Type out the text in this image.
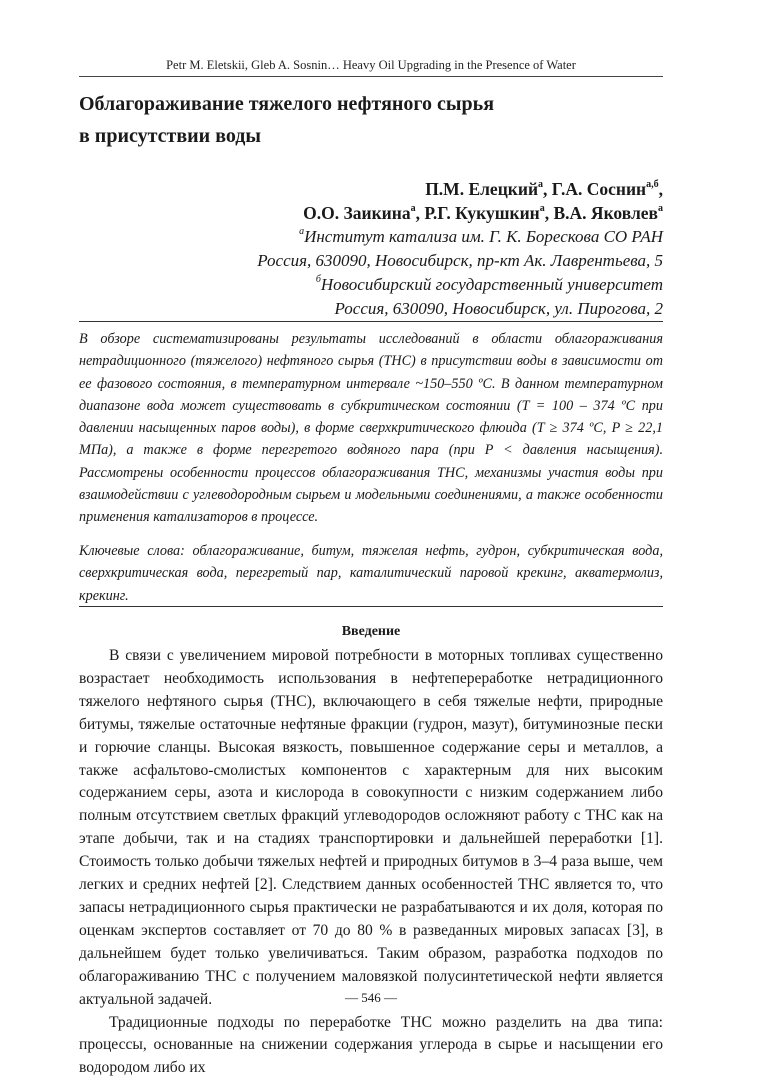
Petr M. Eletskii, Gleb A. Sosnin… Heavy Oil Upgrading in the Presence of Water
Облагораживание тяжелого нефтяного сырья
в присутствии воды
П.М. Елецкий$^а$, Г.А. Соснин$^{а,б}$,
О.О. Заикина$^а$, Р.Г. Кукушкин$^а$, В.А. Яковлев$^а$
$^а$Институт катализа им. Г. К. Борескова СО РАН
Россия, 630090, Новосибирск, пр-кт Ак. Лаврентьева, 5
$^б$Новосибирский государственный университет
Россия, 630090, Новосибирск, ул. Пирогова, 2

В обзоре систематизированы результаты исследований в области облагораживания нетрадиционного (тяжелого) нефтяного сырья (ТНС) в присутствии воды в зависимости от ее фазового состояния, в температурном интервале ~150–550 ºС. В данном температурном диапазоне вода может существовать в субкритическом состоянии (T = 100 – 374 ºС при давлении насыщенных паров воды), в форме сверхкритического флюида (T ≥ 374 ºС, P ≥ 22,1 МПа), а также в форме перегретого водяного пара (при P < давления насыщения). Рассмотрены особенности процессов облагораживания ТНС, механизмы участия воды при взаимодействии с углеводородным сырьем и модельными соединениями, а также особенности применения катализаторов в процессе.

Ключевые слова: облагораживание, битум, тяжелая нефть, гудрон, субкритическая вода, сверхкритическая вода, перегретый пар, каталитический паровой крекинг, акватермолиз, крекинг.

Введение

В связи с увеличением мировой потребности в моторных топливах существенно возрастает необходимость использования в нефтепереработке нетрадиционного тяжелого нефтяного сырья (ТНС), включающего в себя тяжелые нефти, природные битумы, тяжелые остаточные нефтяные фракции (гудрон, мазут), битуминозные пески и горючие сланцы. Высокая вязкость, повышенное содержание серы и металлов, а также асфальтово-смолистых компонентов с характерным для них высоким содержанием серы, азота и кислорода в совокупности с низким содержанием либо полным отсутствием светлых фракций углеводородов осложняют работу с ТНС как на этапе добычи, так и на стадиях транспортировки и дальнейшей переработки [1]. Стоимость только добычи тяжелых нефтей и природных битумов в 3–4 раза выше, чем легких и средних нефтей [2]. Следствием данных особенностей ТНС является то, что запасы нетрадиционного сырья практически не разрабатываются и их доля, которая по оценкам экспертов составляет от 70 до 80 % в разведанных мировых запасах [3], в дальнейшем будет только увеличиваться. Таким образом, разработка подходов по облагораживанию ТНС с получением маловязкой полусинтетической нефти является актуальной задачей.

Традиционные подходы по переработке ТНС можно разделить на два типа: процессы, основанные на снижении содержания углерода в сырье и насыщении его водородом либо их

— 546 —
